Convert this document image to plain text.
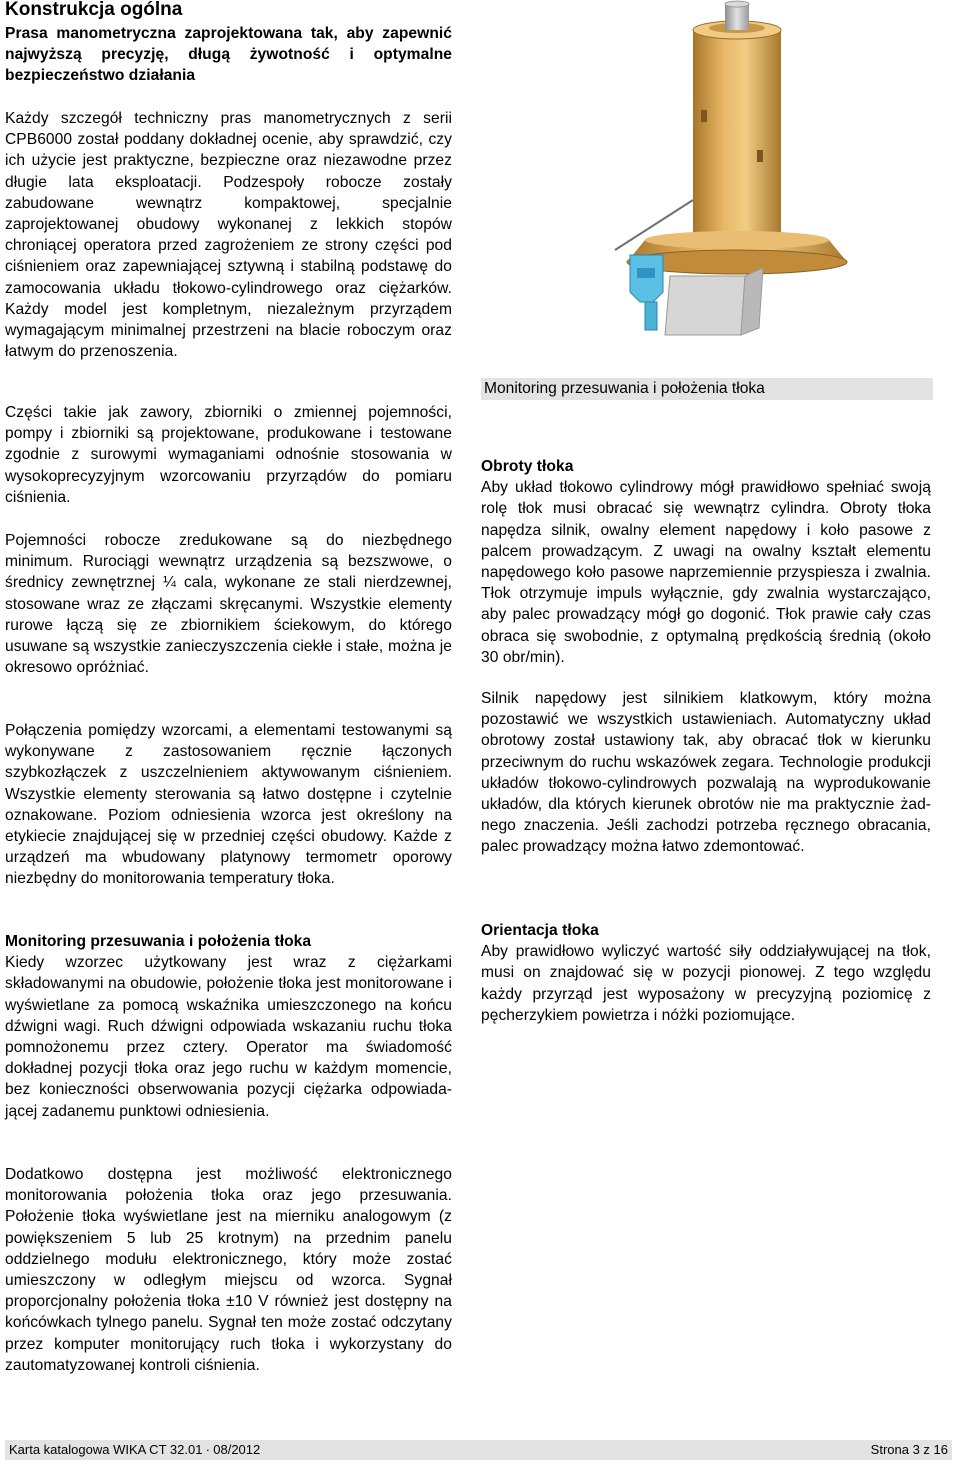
Konstrukcja ogólna

Prasa manometryczna zaprojektowana tak, aby zapewnić najwyższą precyzję, długą żywotność i optymalne bezpieczeństwo działania

Każdy szczegół techniczny pras manometrycznych z serii CPB6000 został poddany dokładnej ocenie, aby sprawdzić, czy ich użycie jest praktyczne, bezpieczne oraz niezawodne przez długie lata eksploatacji. Podzespoły robocze zostały zabudowane wewnątrz kompaktowej, specjalnie zaprojektowanej obudowy wykonanej z lekkich stopów chroniącej operatora przed zagrożeniem ze strony części pod ciśnieniem oraz zapewniającej sztywną i stabilną podstawę do zamocowania układu tłokowo-cylindrowego oraz ciężarków. Każdy model jest kompletnym, niezależnym przyrządem wymagającym minimalnej przestrzeni na blacie roboczym oraz łatwym do przenoszenia.

Części takie jak zawory, zbiorniki o zmiennej pojemności, pompy i zbiorniki są projektowane, produkowane i testowane zgodnie z surowymi wymaganiami odnośnie stosowania w wysokoprecyzyjnym wzorcowaniu przyrządów do pomiaru ciśnienia.

Pojemności robocze zredukowane są do niezbędnego minimum. Rurociągi wewnątrz urządzenia są bezszwowe, o średnicy zewnętrznej ¼ cala, wykonane ze stali nierdzewnej, stosowane wraz ze złączami skręcanymi. Wszystkie elementy rurowe łączą się ze zbiornikiem ściekowym, do którego usuwane są wszystkie zanieczyszczenia ciekłe i stałe, można je okresowo opróżniać.

Połączenia pomiędzy wzorcami, a elementami testowanymi są wykonywane z zastosowaniem ręcznie łączonych szybkozłączek z uszczelnieniem aktywowanym ciśnieniem. Wszystkie elementy sterowania są łatwo dostępne i czytelnie oznakowane. Poziom odniesienia wzorca jest określony na etykiecie znajdującej się w przedniej części obudowy. Każde z urządzeń ma wbudowany platynowy termometr oporowy niezbędny do monitorowania temperatury tłoka.

Monitoring przesuwania i położenia tłoka
Kiedy wzorzec użytkowany jest wraz z ciężarkami składowanymi na obudowie, położenie tłoka jest monitorowane i wyświetlane za pomocą wskaźnika umieszczonego na końcu dźwigni wagi. Ruch dźwigni odpowiada wskazaniu ruchu tłoka pomnożonemu przez cztery. Operator ma świadomość dokładnej pozycji tłoka oraz jego ruchu w każdym momencie, bez konieczności obserwowania pozycji ciężarka odpowiadającej zadanemu punktowi odniesienia.

Dodatkowo dostępna jest możliwość elektronicznego monitorowania położenia tłoka oraz jego przesuwania. Położenie tłoka wyświetlane jest na mierniku analogowym (z powiększeniem 5 lub 25 krotnym) na przednim panelu oddzielnego modułu elektronicznego, który może zostać umieszczony w odległym miejscu od wzorca. Sygnał proporcjonalny położenia tłoka ±10 V również jest dostępny na końcówkach tylnego panelu. Sygnał ten może zostać odczytany przez komputer monitorujący ruch tłoka i wykorzystany do zautomatyzowanej kontroli ciśnienia.

Monitoring przesuwania i położenia tłoka
Obroty tłoka
Aby układ tłokowo cylindrowy mógł prawidłowo spełniać swoją rolę tłok musi obracać się wewnątrz cylindra. Obroty tłoka napędza silnik, owalny element napędowy i koło pasowe z palcem prowadzącym. Z uwagi na owalny kształt elementu napędowego koło pasowe naprzemiennie przyspiesza i zwalnia. Tłok otrzymuje impuls wyłącznie, gdy zwalnia wystarczająco, aby palec prowadzący mógł go dogonić. Tłok prawie cały czas obraca się swobodnie, z optymalną prędkością średnią (około 30 obr/min).

Silnik napędowy jest silnikiem klatkowym, który można pozostawić we wszystkich ustawieniach. Automatyczny układ obrotowy został ustawiony tak, aby obracać tłok w kierunku przeciwnym do ruchu wskazówek zegara. Technologie produkcji układów tłokowo-cylindrowych pozwalają na wyprodukowanie układów, dla których kierunek obrotów nie ma praktycznie żadnego znaczenia. Jeśli zachodzi potrzeba ręcznego obracania, palec prowadzący można łatwo zdemontować.

Orientacja tłoka
Aby prawidłowo wyliczyć wartość siły oddziaływującej na tłok, musi on znajdować się w pozycji pionowej. Z tego względu każdy przyrząd jest wyposażony w precyzyjną poziomicę z pęcherzykiem powietrza i nóżki poziomujące.
Karta katalogowa WIKA CT 32.01 ∙ 08/2012	Strona 3 z 16
